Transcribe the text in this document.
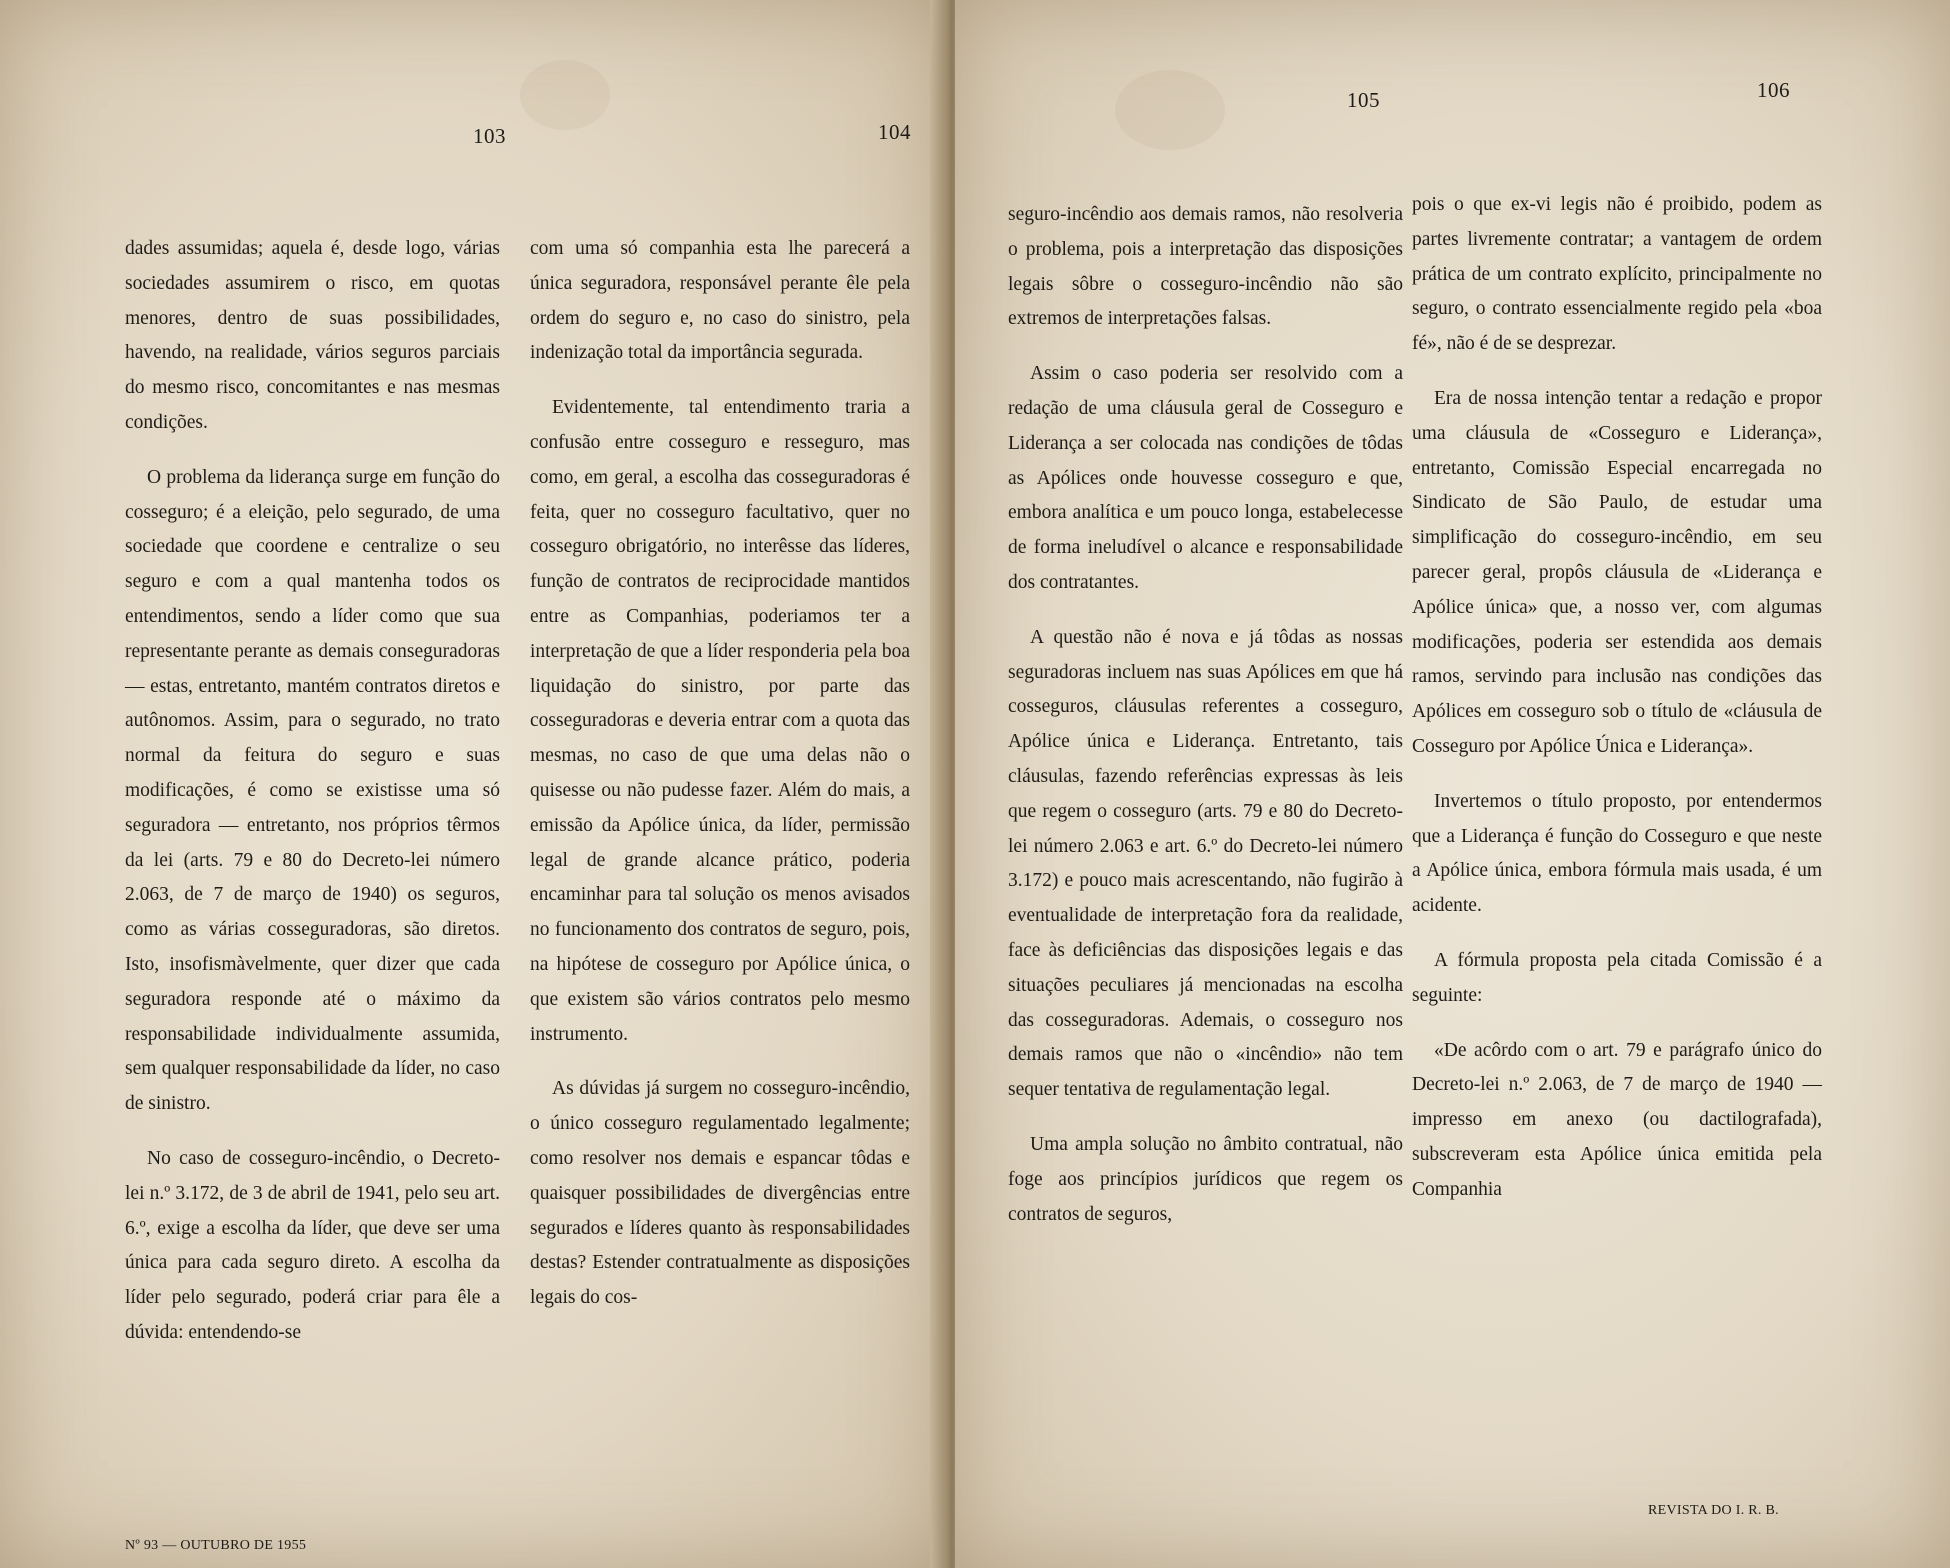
103

dades assumidas; aquela é, desde logo, várias sociedades assumirem o risco, em quotas menores, dentro de suas possibilidades, havendo, na realidade, vários seguros parciais do mesmo risco, concomitantes e nas mesmas condições.

O problema da liderança surge em função do cosseguro; é a eleição, pelo segurado, de uma sociedade que coordene e centralize o seu seguro e com a qual mantenha todos os entendimentos, sendo a líder como que sua representante perante as demais conseguradoras — estas, entretanto, mantém contratos diretos e autônomos. Assim, para o segurado, no trato normal da feitura do seguro e suas modificações, é como se existisse uma só seguradora — entretanto, nos próprios têrmos da lei (arts. 79 e 80 do Decreto-lei número 2.063, de 7 de março de 1940) os seguros, como as várias cosseguradoras, são diretos. Isto, insofismàvelmente, quer dizer que cada seguradora responde até o máximo da responsabilidade individualmente assumida, sem qualquer responsabilidade da líder, no caso de sinistro.

No caso de cosseguro-incêndio, o Decreto-lei n.º 3.172, de 3 de abril de 1941, pelo seu art. 6.º, exige a escolha da líder, que deve ser uma única para cada seguro direto. A escolha da líder pelo segurado, poderá criar para êle a dúvida: entendendo-se

104

com uma só companhia esta lhe parecerá a única seguradora, responsável perante êle pela ordem do seguro e, no caso do sinistro, pela indenização total da importância segurada.

Evidentemente, tal entendimento traria a confusão entre cosseguro e resseguro, mas como, em geral, a escolha das cosseguradoras é feita, quer no cosseguro facultativo, quer no cosseguro obrigatório, no interêsse das líderes, função de contratos de reciprocidade mantidos entre as Companhias, poderiamos ter a interpretação de que a líder responderia pela boa liquidação do sinistro, por parte das cosseguradoras e deveria entrar com a quota das mesmas, no caso de que uma delas não o quisesse ou não pudesse fazer. Além do mais, a emissão da Apólice única, da líder, permissão legal de grande alcance prático, poderia encaminhar para tal solução os menos avisados no funcionamento dos contratos de seguro, pois, na hipótese de cosseguro por Apólice única, o que existem são vários contratos pelo mesmo instrumento.

As dúvidas já surgem no cosseguro-incêndio, o único cosseguro regulamentado legalmente; como resolver nos demais e espancar tôdas e quaisquer possibilidades de divergências entre segurados e líderes quanto às responsabilidades destas? Estender contratualmente as disposições legais do cos-

105

seguro-incêndio aos demais ramos, não resolveria o problema, pois a interpretação das disposições legais sôbre o cosseguro-incêndio não são extremos de interpretações falsas.

Assim o caso poderia ser resolvido com a redação de uma cláusula geral de Cosseguro e Liderança a ser colocada nas condições de tôdas as Apólices onde houvesse cosseguro e que, embora analítica e um pouco longa, estabelecesse de forma ineludível o alcance e responsabilidade dos contratantes.

A questão não é nova e já tôdas as nossas seguradoras incluem nas suas Apólices em que há cosseguros, cláusulas referentes a cosseguro, Apólice única e Liderança. Entretanto, tais cláusulas, fazendo referências expressas às leis que regem o cosseguro (arts. 79 e 80 do Decreto-lei número 2.063 e art. 6.º do Decreto-lei número 3.172) e pouco mais acrescentando, não fugirão à eventualidade de interpretação fora da realidade, face às deficiências das disposições legais e das situações peculiares já mencionadas na escolha das cosseguradoras. Ademais, o cosseguro nos demais ramos que não o «incêndio» não tem sequer tentativa de regulamentação legal.

Uma ampla solução no âmbito contratual, não foge aos princípios jurídicos que regem os contratos de seguros,

106

pois o que ex-vi legis não é proibido, podem as partes livremente contratar; a vantagem de ordem prática de um contrato explícito, principalmente no seguro, o contrato essencialmente regido pela «boa fé», não é de se desprezar.

Era de nossa intenção tentar a redação e propor uma cláusula de «Cosseguro e Liderança», entretanto, Comissão Especial encarregada no Sindicato de São Paulo, de estudar uma simplificação do cosseguro-incêndio, em seu parecer geral, propôs cláusula de «Liderança e Apólice única» que, a nosso ver, com algumas modificações, poderia ser estendida aos demais ramos, servindo para inclusão nas condições das Apólices em cosseguro sob o título de «cláusula de Cosseguro por Apólice Única e Liderança».

Invertemos o título proposto, por entendermos que a Liderança é função do Cosseguro e que neste a Apólice única, embora fórmula mais usada, é um acidente.

A fórmula proposta pela citada Comissão é a seguinte:

«De acôrdo com o art. 79 e parágrafo único do Decreto-lei n.º 2.063, de 7 de março de 1940 — impresso em anexo (ou dactilografada), subscreveram esta Apólice única emitida pela Companhia

Nº 93 — OUTUBRO DE 1955
REVISTA DO I. R. B.
